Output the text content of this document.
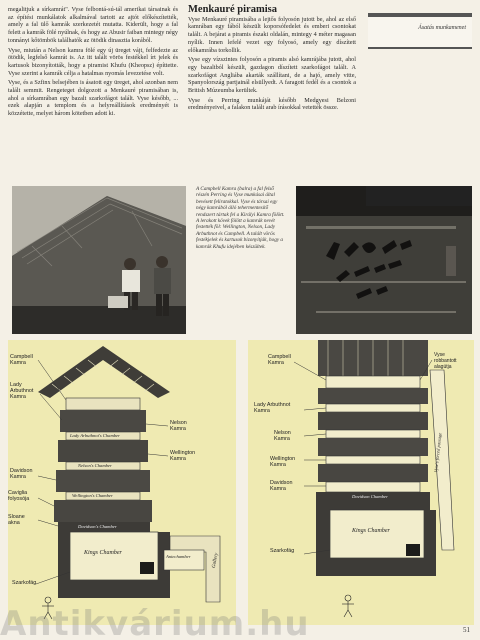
megalitjuk a sírkamrát". Vyse felbontá-sú-tál amerikai társainak és az építési munkálatok alkalmával tartott az ajtót előkészítették, amely a fal ülő kamrák szerkezetét mutatta. Kiderült, hogy a fal felett a kamrák fölé nyúlnak, és hogy az Abusir faiban mintegy négy tonnányi kőtömbök találhatók az ötödik dinasztia korából.

Vyse, miután a Nelson kamra fölé egy új üreget vájt, felfedezte az ötödik, legfelső kamrát is. Az itt talált vörös festékkel írt jelek és kartusok bizonyították, hogy a piramist Khufu (Kheopsz) építtette. Vyse szerint a kamrák célja a hatalmas nyomás levezetése volt.

Vyse, és a Szfinx belsejében is ásatott egy üreget, ahol azonban nem talált semmit. Rengeteget dolgozott a Menkauré piramisában is, ahol a sírkamrában egy bazalt szarkofágot talált. Vyse később, ... ezek alapján a templom és a helyreállítások eredményét is közzétette, melyet három kötetben adott ki.

Menkauré piramisa

Vyse Menkauré piramisába a lejtős folyosón jutott be, ahol az első kamrában egy fából készült koporsófedelet és emberi csontokat talált. A bejárat a piramis északi oldalán, mintegy 4 méter magasan nyílik. Innen lefelé vezet egy folyosó, amely egy díszített előkamrába torkollik.

Vyse egy vízszintes folyosón a piramis alsó kamrájába jutott, ahol egy bazaltból készült, gazdagon díszített szarkofágot talált. A szarkofágot Angliába akarták szállítani, de a hajó, amely vitte, Spanyolország partjainál elsüllyedt. A faragott fedél és a csontok a British Múzeumba kerültek.

Vyse és Perring munkáját később Medgyesi Belzoni eredményeivel, a falakon talált arab írásokkal vetették össze.

Ásatás munkamenet
A Campbell Kamra (balra) a fal felső részén Perring és Vyse munkásai által bevésett feliratokkal. Vyse és társai egy négy kamrából álló tehermentesítő rendszert tártak fel a Királyi Kamra fölött. A lerakott kövek fölött a kamrák nevét festették föl: Wellington, Nelson, Lady Arbuthnot és Campbell. A talált vörös festékjelek és kartusok bizonyítják, hogy a kamrák Khufu idejében készültek.
Campbell
Kamra
Lady
Arbuthnot
Kamra
Nelson
Kamra
Wellington
Kamra
Davidson
Kamra
Caviglia
folyosója
Sloane
akna
Szarkofág
Kings Chamber	Gallery
Antechamber
Davidson's Chamber
Nelson's Chamber
Lady Arbuthnot's Chamber
Wellington's Chamber
Campbell
Kamra
Vyse
robbantott
alagútja
Lady Arbuthnot
Kamra
Nelson
Kamra
Wellington
Kamra
Davidson
Kamra
Szarkofág
Kings Chamber
Davidson Chamber
Vyse's forced passage
51
Antikvárium.hu
